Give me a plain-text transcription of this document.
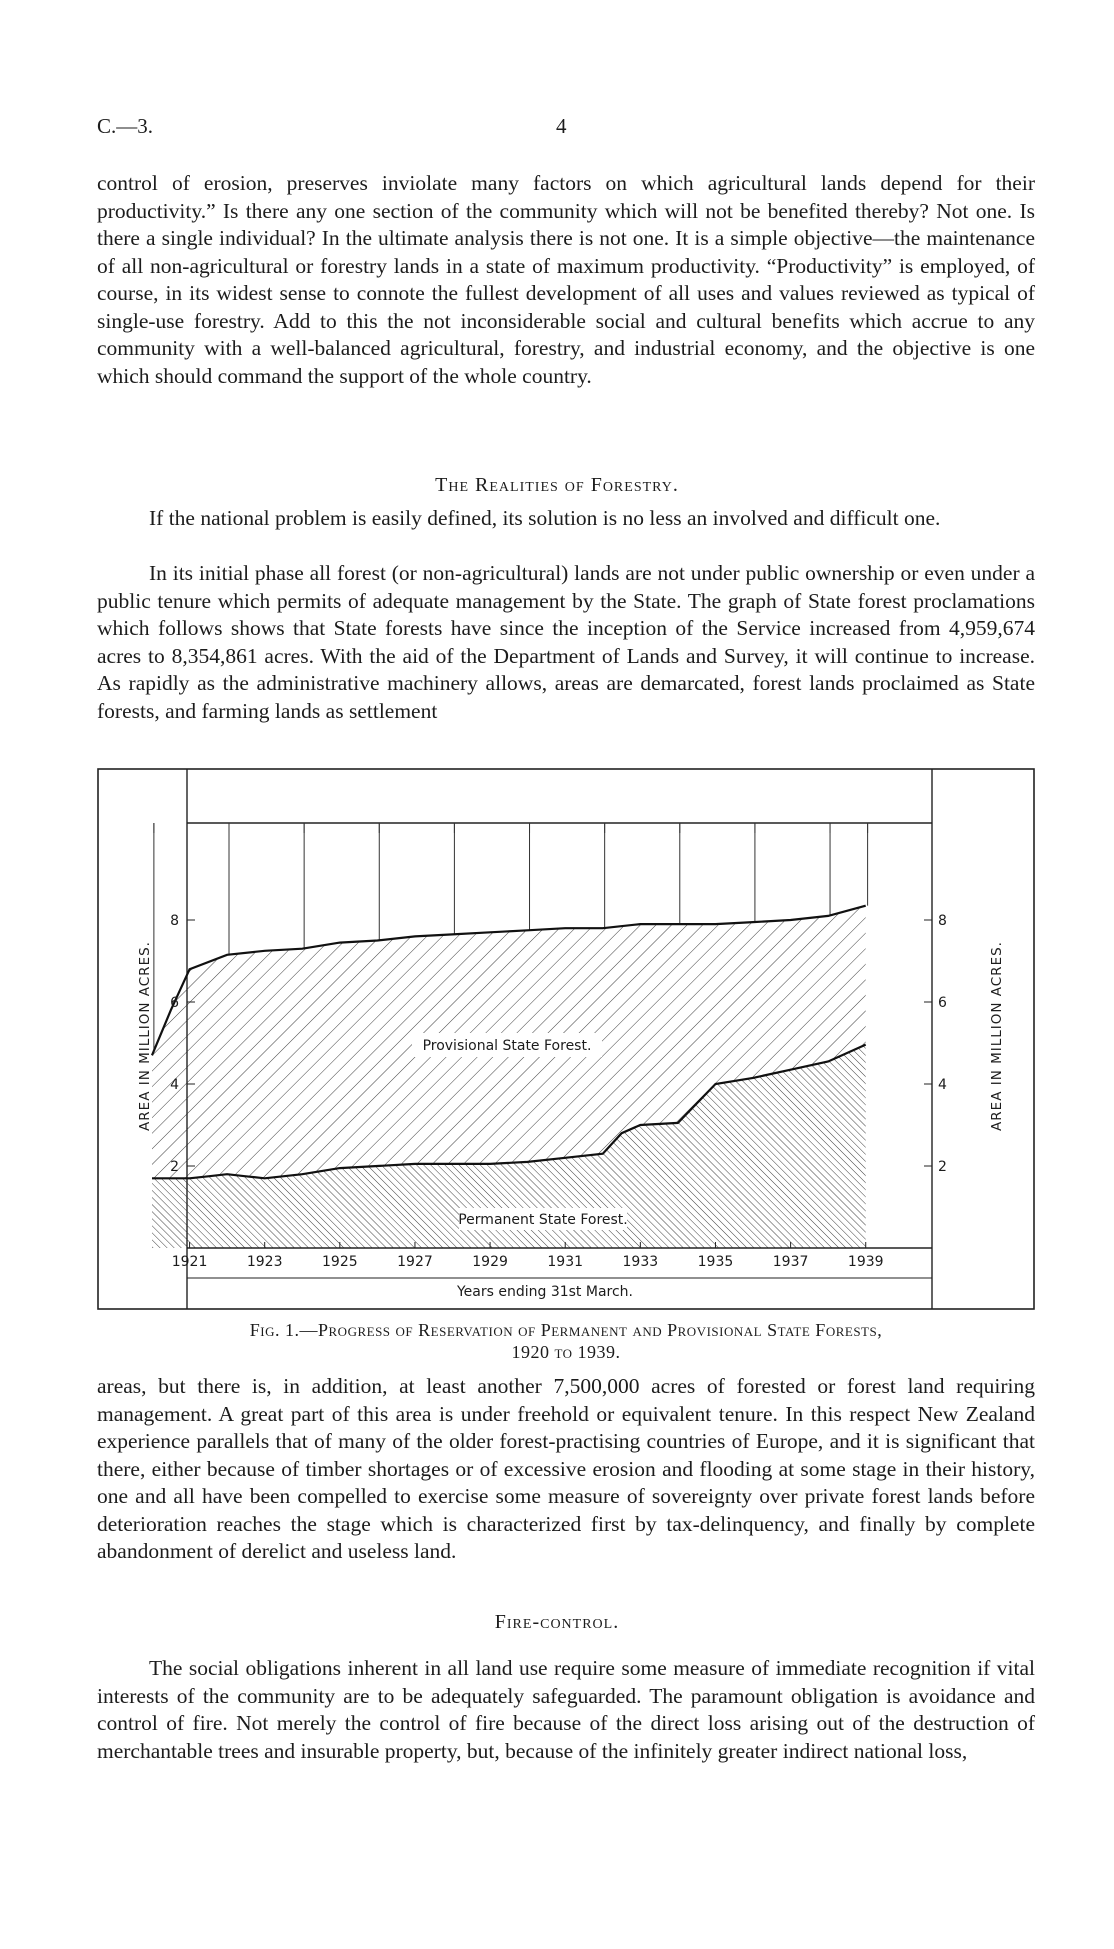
C.—3.	4

control of erosion, preserves inviolate many factors on which agricultural lands depend for their productivity.” Is there any one section of the community which will not be benefited thereby? Not one. Is there a single individual? In the ultimate analysis there is not one. It is a simple objective—the maintenance of all non-agricultural or forestry lands in a state of maximum productivity. “Productivity” is employed, of course, in its widest sense to connote the fullest development of all uses and values reviewed as typical of single-use forestry. Add to this the not inconsiderable social and cultural benefits which accrue to any community with a well-balanced agricultural, forestry, and industrial economy, and the objective is one which should command the support of the whole country.

The Realities of Forestry.

If the national problem is easily defined, its solution is no less an involved and difficult one.

In its initial phase all forest (or non-agricultural) lands are not under public ownership or even under a public tenure which permits of adequate management by the State. The graph of State forest proclamations which follows shows that State forests have since the inception of the Service increased from 4,959,674 acres to 8,354,861 acres. With the aid of the Department of Lands and Survey, it will continue to increase. As rapidly as the administrative machinery allows, areas are demarcated, forest lands proclaimed as State forests, and farming lands as settlement

2
4
6
8
2
4
6
8
1921	1923	1925	1927	1929	1931	1933	1935	1937	1939
Provisional State Forest.
Permanent State Forest.
Years ending 31st March.
AREA IN MILLION ACRES.	AREA IN MILLION ACRES.

Fig. 1.—Progress of Reservation of Permanent and Provisional State Forests,
1920 to 1939.

areas, but there is, in addition, at least another 7,500,000 acres of forested or forest land requiring management. A great part of this area is under freehold or equivalent tenure. In this respect New Zealand experience parallels that of many of the older forest-practising countries of Europe, and it is significant that there, either because of timber shortages or of excessive erosion and flooding at some stage in their history, one and all have been compelled to exercise some measure of sovereignty over private forest lands before deterioration reaches the stage which is characterized first by tax-delinquency, and finally by complete abandonment of derelict and useless land.

Fire-control.

The social obligations inherent in all land use require some measure of immediate recognition if vital interests of the community are to be adequately safeguarded. The paramount obligation is avoidance and control of fire. Not merely the control of fire because of the direct loss arising out of the destruction of merchantable trees and insurable property, but, because of the infinitely greater indirect national loss,
